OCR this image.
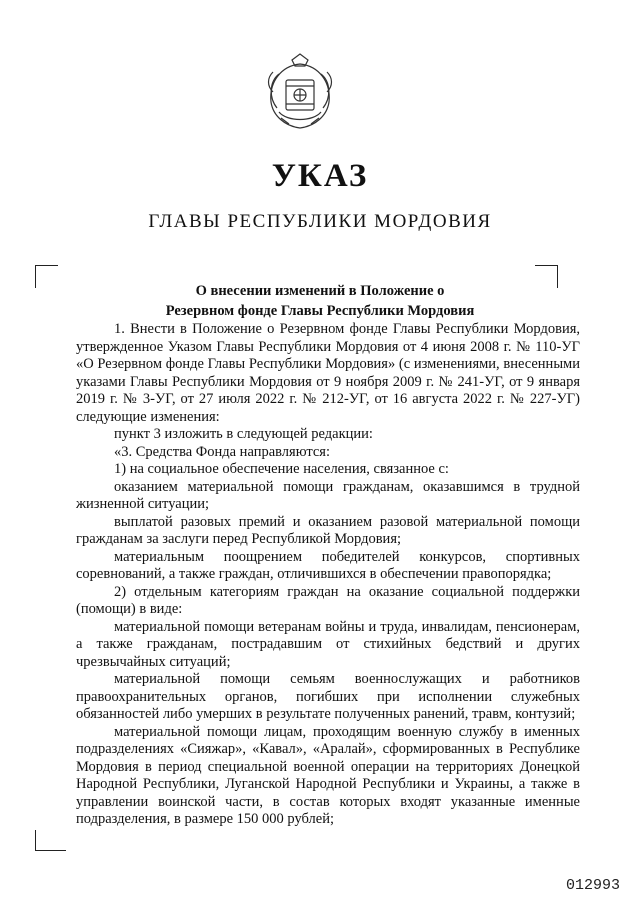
УКАЗ
ГЛАВЫ РЕСПУБЛИКИ МОРДОВИЯ
О внесении изменений в Положение о
Резервном фонде Главы Республики Мордовия

1. Внести в Положение о Резервном фонде Главы Республики Мордовия, утвержденное Указом Главы Республики Мордовия от 4 июня 2008 г. № 110-УГ «О Резервном фонде Главы Республики Мордовия» (с изменениями, внесенными указами Главы Республики Мордовия от 9 ноября 2009 г. № 241-УГ, от 9 января 2019 г. № 3-УГ, от 27 июля 2022 г. № 212-УГ, от 16 августа 2022 г. № 227-УГ) следующие изменения:

пункт 3 изложить в следующей редакции:

«3. Средства Фонда направляются:

1) на социальное обеспечение населения, связанное с:

оказанием материальной помощи гражданам, оказавшимся в трудной жизненной ситуации;

выплатой разовых премий и оказанием разовой материальной помощи гражданам за заслуги перед Республикой Мордовия;

материальным поощрением победителей конкурсов, спортивных соревнований, а также граждан, отличившихся в обеспечении правопорядка;

2) отдельным категориям граждан на оказание социальной поддержки (помощи) в виде:

материальной помощи ветеранам войны и труда, инвалидам, пенсионерам, а также гражданам, пострадавшим от стихийных бедствий и других чрезвычайных ситуаций;

материальной помощи семьям военнослужащих и работников правоохранительных органов, погибших при исполнении служебных обязанностей либо умерших в результате полученных ранений, травм, контузий;

материальной помощи лицам, проходящим военную службу в именных подразделениях «Сияжар», «Кавал», «Аралай», сформированных в Республике Мордовия в период специальной военной операции на территориях Донецкой Народной Республики, Луганской Народной Республики и Украины, а также в управлении воинской части, в состав которых входят указанные именные подразделения, в размере 150 000 рублей;

012993
